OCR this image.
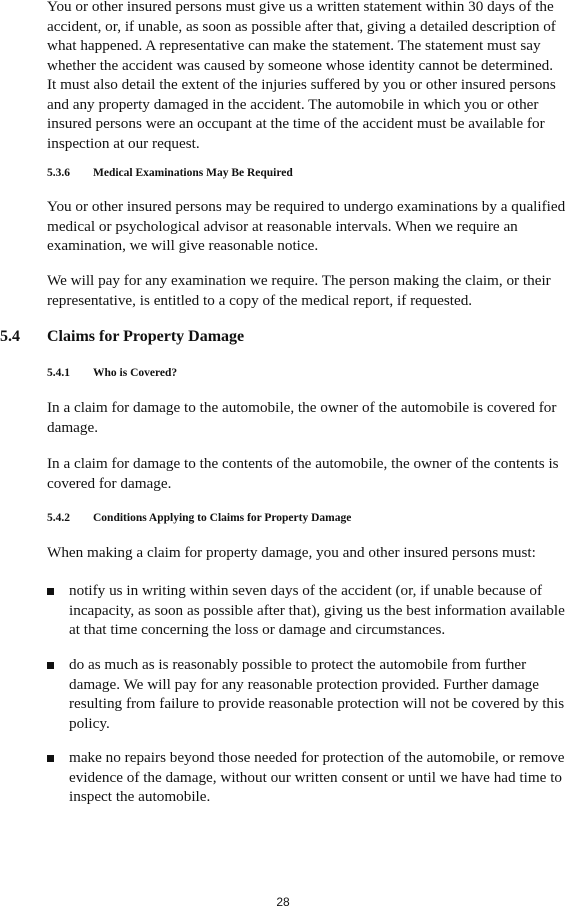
You or other insured persons must give us a written statement within 30 days of the accident, or, if unable, as soon as possible after that, giving a detailed description of what happened. A representative can make the statement. The statement must say whether the accident was caused by someone whose identity cannot be determined. It must also detail the extent of the injuries suffered by you or other insured persons and any property damaged in the accident. The automobile in which you or other insured persons were an occupant at the time of the accident must be available for inspection at our request.

5.3.6 Medical Examinations May Be Required

You or other insured persons may be required to undergo examinations by a qualified medical or psychological advisor at reasonable intervals. When we require an examination, we will give reasonable notice.

We will pay for any examination we require. The person making the claim, or their representative, is entitled to a copy of the medical report, if requested.

5.4 Claims for Property Damage
5.4.1 Who is Covered?

In a claim for damage to the automobile, the owner of the automobile is covered for damage.

In a claim for damage to the contents of the automobile, the owner of the contents is covered for damage.

5.4.2 Conditions Applying to Claims for Property Damage

When making a claim for property damage, you and other insured persons must:

notify us in writing within seven days of the accident (or, if unable because of incapacity, as soon as possible after that), giving us the best information available at that time concerning the loss or damage and circumstances.

do as much as is reasonably possible to protect the automobile from further damage. We will pay for any reasonable protection provided. Further damage resulting from failure to provide reasonable protection will not be covered by this policy.

make no repairs beyond those needed for protection of the automobile, or remove evidence of the damage, without our written consent or until we have had time to inspect the automobile.

28
